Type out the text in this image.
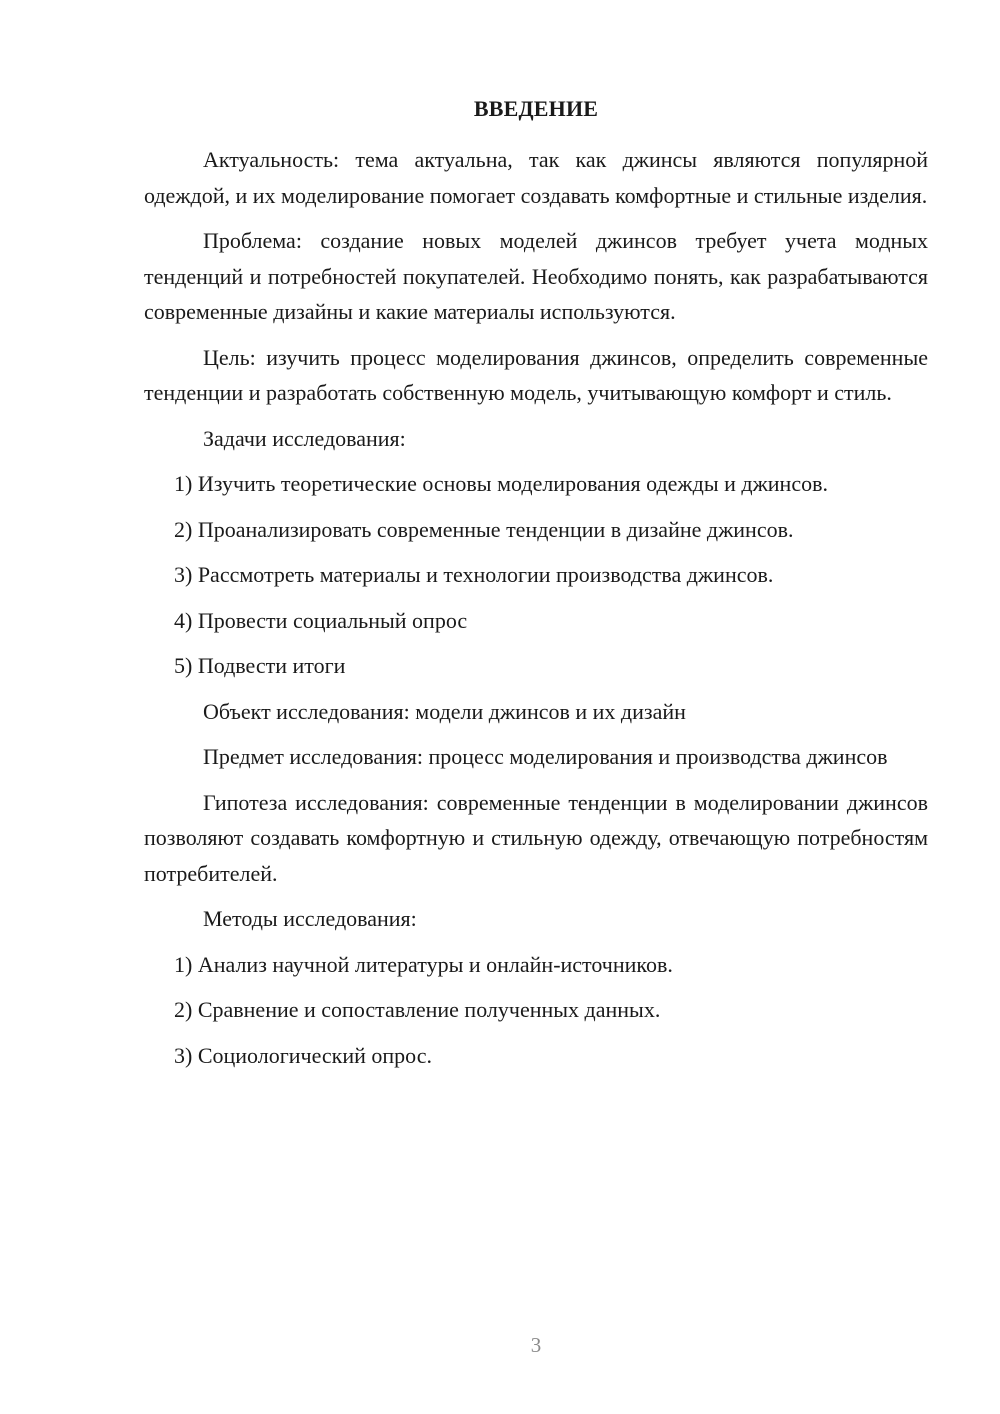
ВВЕДЕНИЕ

Актуальность: тема актуальна, так как джинсы являются популярной одеждой, и их моделирование помогает создавать комфортные и стильные изделия.

Проблема: создание новых моделей джинсов требует учета модных тенденций и потребностей покупателей. Необходимо понять, как разрабатываются современные дизайны и какие материалы используются.

Цель: изучить процесс моделирования джинсов, определить современные тенденции и разработать собственную модель, учитывающую комфорт и стиль.

Задачи исследования:

1) Изучить теоретические основы моделирования одежды и джинсов.

2) Проанализировать современные тенденции в дизайне джинсов.

3) Рассмотреть материалы и технологии производства джинсов.

4) Провести социальный опрос

5) Подвести итоги

Объект исследования: модели джинсов и их дизайн

Предмет исследования: процесс моделирования и производства джинсов

Гипотеза исследования: современные тенденции в моделировании джинсов позволяют создавать комфортную и стильную одежду, отвечающую потребностям потребителей.

Методы исследования:

1) Анализ научной литературы и онлайн-источников.

2) Сравнение и сопоставление полученных данных.

3) Социологический опрос.

3
